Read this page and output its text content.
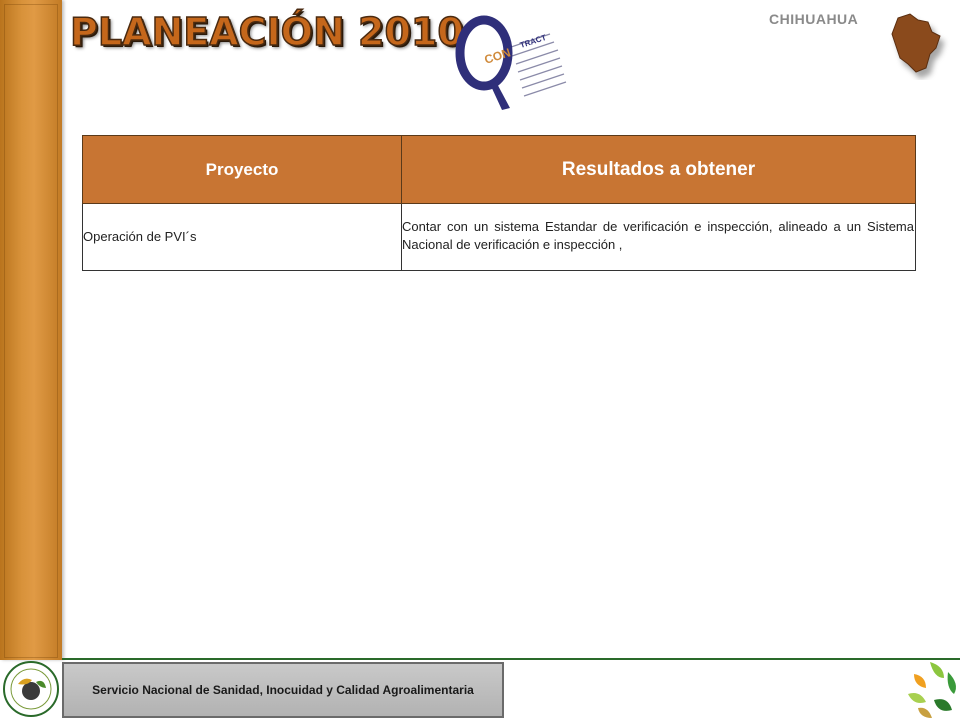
PLANEACIÓN 2010
CON
TRACT
CHIHUAHUA
Proyecto	Resultados a obtener

Operación de PVI´s	Contar con un sistema Estandar de verificación e inspección, alineado a un Sistema Nacional de verificación e inspección ,
Servicio Nacional de Sanidad, Inocuidad y Calidad Agroalimentaria
